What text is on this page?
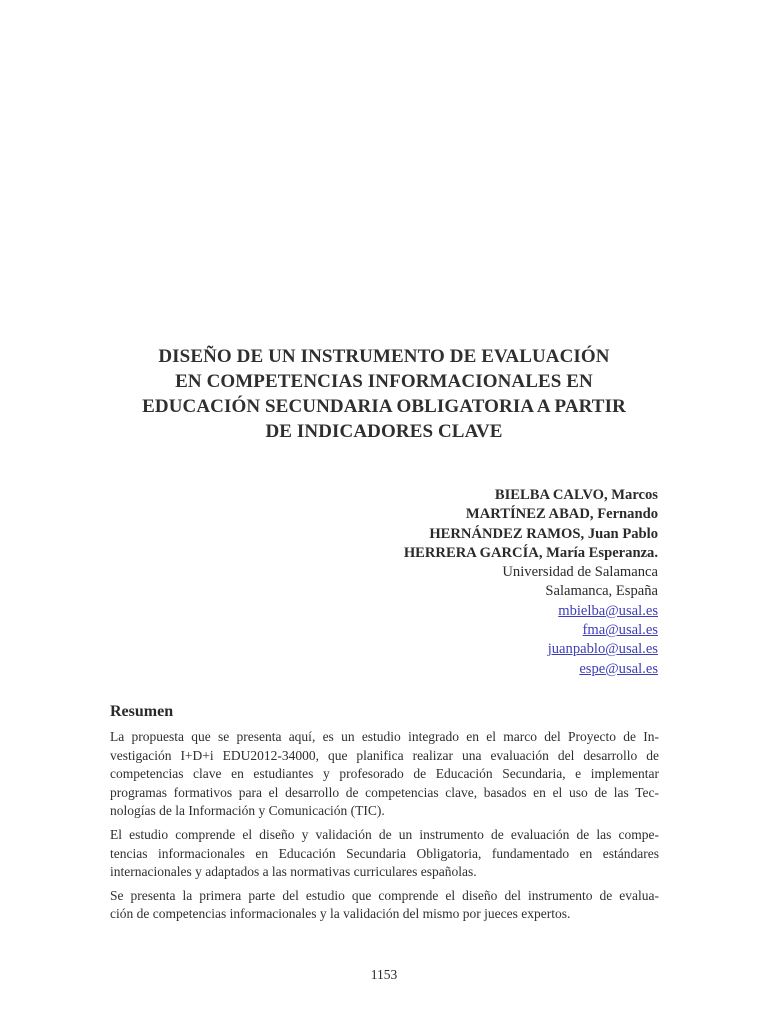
DISEÑO DE UN INSTRUMENTO DE EVALUACIÓN
EN COMPETENCIAS INFORMACIONALES EN
EDUCACIÓN SECUNDARIA OBLIGATORIA A PARTIR
DE INDICADORES CLAVE
BIELBA CALVO, Marcos
MARTÍNEZ ABAD, Fernando
HERNÁNDEZ RAMOS, Juan Pablo
HERRERA GARCÍA, María Esperanza.
Universidad de Salamanca
Salamanca, España
mbielba@usal.es
fma@usal.es
juanpablo@usal.es
espe@usal.es
Resumen

La propuesta que se presenta aquí, es un estudio integrado en el marco del Proyecto de In-
vestigación I+D+i EDU2012-34000, que planifica realizar una evaluación del desarrollo de
competencias clave en estudiantes y profesorado de Educación Secundaria, e implementar
programas formativos para el desarrollo de competencias clave, basados en el uso de las Tec-
nologías de la Información y Comunicación (TIC).

El estudio comprende el diseño y validación de un instrumento de evaluación de las compe-
tencias informacionales en Educación Secundaria Obligatoria, fundamentado en estándares
internacionales y adaptados a las normativas curriculares españolas.

Se presenta la primera parte del estudio que comprende el diseño del instrumento de evalua-
ción de competencias informacionales y la validación del mismo por jueces expertos.

1153
